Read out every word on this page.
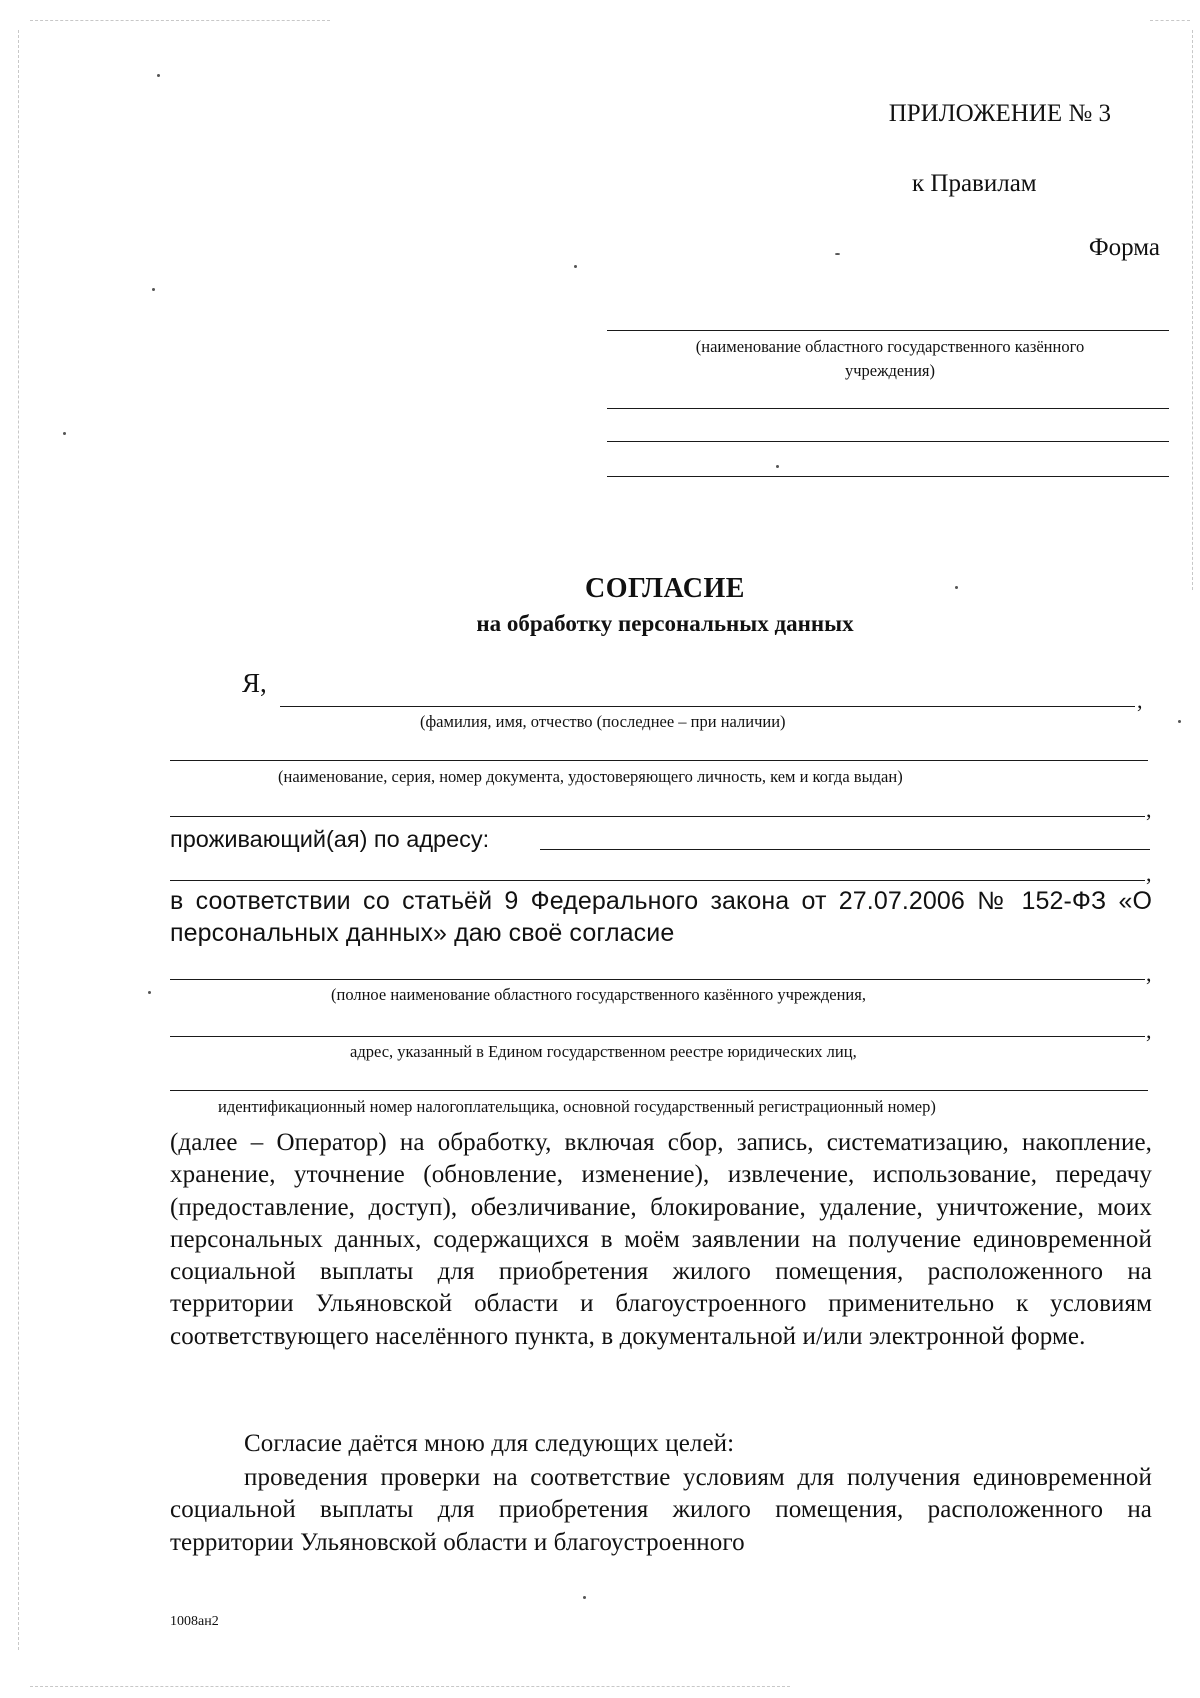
ПРИЛОЖЕНИЕ № 3
к Правилам
Форма
(наименование областного государственного казённого учреждения)
СОГЛАСИЕ
на обработку персональных данных
Я,
,
(фамилия, имя, отчество (последнее – при наличии)
(наименование, серия, номер документа, удостоверяющего личность, кем и когда выдан)
,
проживающий(ая) по адресу:
,
в соответствии со статьёй 9 Федерального закона от 27.07.2006 № 152-ФЗ «О персональных данных» даю своё согласие
,
(полное наименование областного государственного казённого учреждения,
,
адрес, указанный в Едином государственном реестре юридических лиц,
идентификационный номер налогоплательщика, основной государственный регистрационный номер)
(далее – Оператор) на обработку, включая сбор, запись, систематизацию, накопление, хранение, уточнение (обновление, изменение), извлечение, использование, передачу (предоставление, доступ), обезличивание, блокирование, удаление, уничтожение, моих персональных данных, содержащихся в моём заявлении на получение единовременной социальной выплаты для приобретения жилого помещения, расположенного на территории Ульяновской области и благоустроенного применительно к условиям соответствующего населённого пункта, в документальной и/или электронной форме.
Согласие даётся мною для следующих целей:
проведения проверки на соответствие условиям для получения единовременной социальной выплаты для приобретения жилого помещения, расположенного на территории Ульяновской области и благоустроенного
1008ан2
